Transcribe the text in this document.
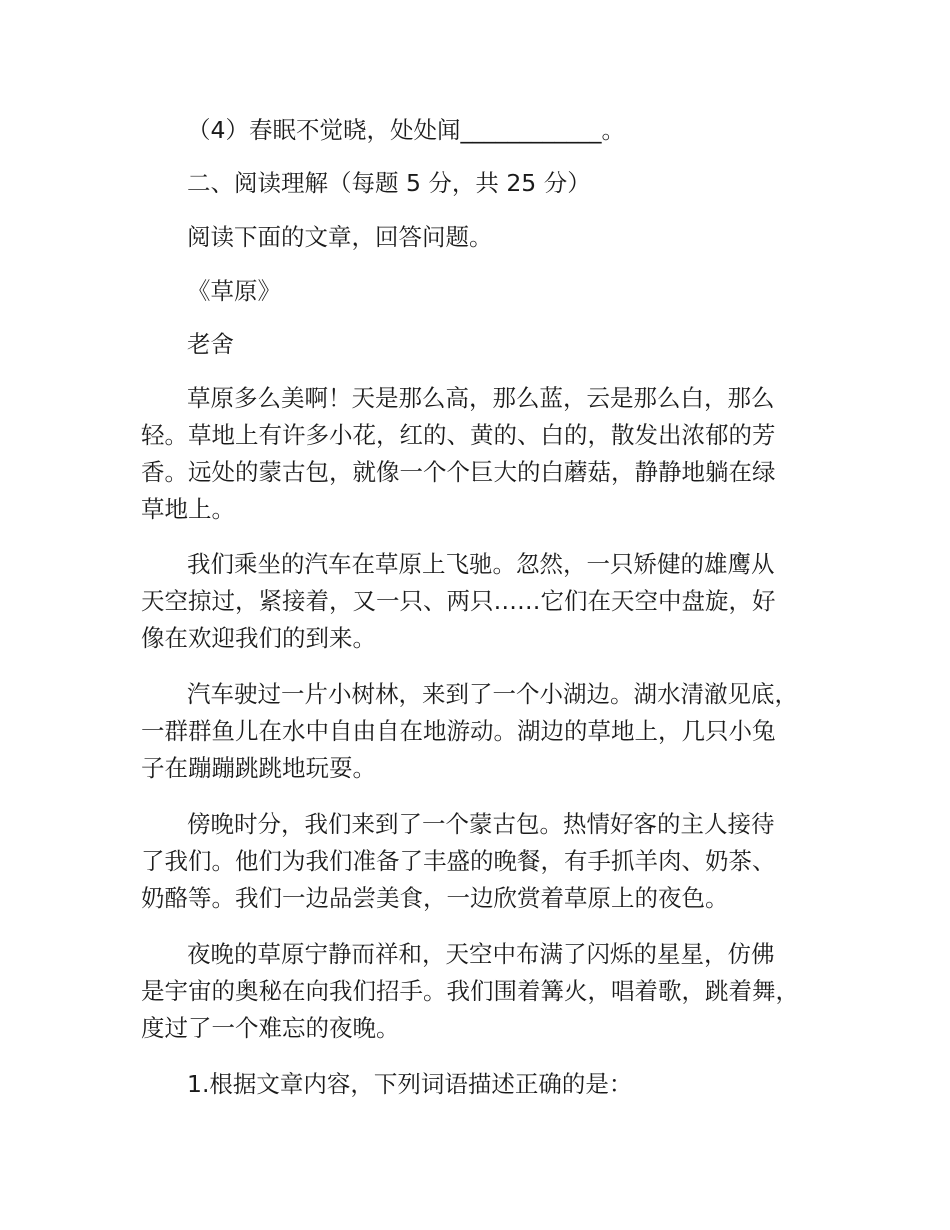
（4）春眠不觉晓，处处闻____________。
二、阅读理解（每题 5 分，共 25 分）
阅读下面的文章，回答问题。
《草原》
老舍
草原多么美啊！天是那么高，那么蓝，云是那么白，那么
轻。草地上有许多小花，红的、黄的、白的，散发出浓郁的芳
香。远处的蒙古包，就像一个个巨大的白蘑菇，静静地躺在绿
草地上。
我们乘坐的汽车在草原上飞驰。忽然，一只矫健的雄鹰从
天空掠过，紧接着，又一只、两只……它们在天空中盘旋，好
像在欢迎我们的到来。
汽车驶过一片小树林，来到了一个小湖边。湖水清澈见底，
一群群鱼儿在水中自由自在地游动。湖边的草地上，几只小兔
子在蹦蹦跳跳地玩耍。
傍晚时分，我们来到了一个蒙古包。热情好客的主人接待
了我们。他们为我们准备了丰盛的晚餐，有手抓羊肉、奶茶、
奶酪等。我们一边品尝美食，一边欣赏着草原上的夜色。
夜晚的草原宁静而祥和，天空中布满了闪烁的星星，仿佛
是宇宙的奥秘在向我们招手。我们围着篝火，唱着歌，跳着舞，
度过了一个难忘的夜晚。
1.根据文章内容，下列词语描述正确的是：
